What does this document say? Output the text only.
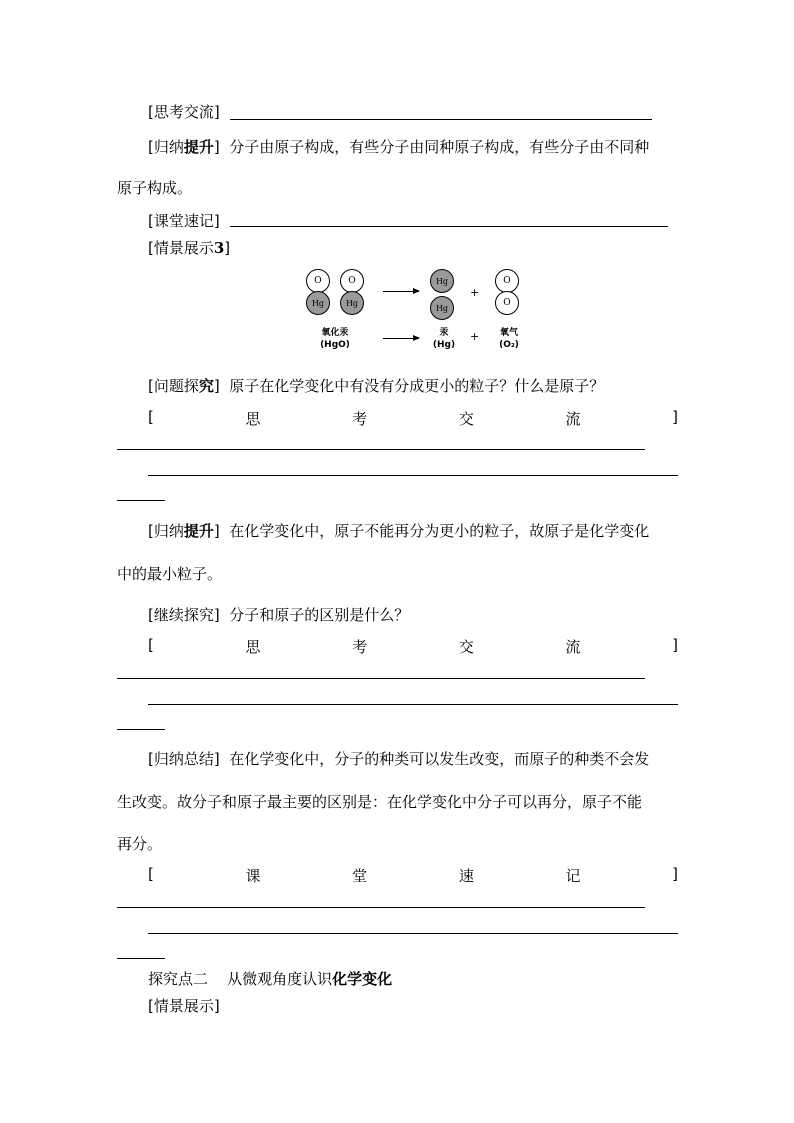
[思考交流]
[归纳提升] 分子由原子构成，有些分子由同种原子构成，有些分子由不同种
原子构成。
[课堂速记]
[情景展示3]
O
Hg
O
Hg
Hg
Hg
+
O
O
氧化汞
(HgO)
汞
(Hg)
+	氧气
(O₂)
[问题探究] 原子在化学变化中有没有分成更小的粒子？什么是原子？
[	思	考	交	流	]
[归纳提升] 在化学变化中，原子不能再分为更小的粒子，故原子是化学变化
中的最小粒子。
[继续探究] 分子和原子的区别是什么？
[	思	考	交	流	]
[归纳总结] 在化学变化中，分子的种类可以发生改变，而原子的种类不会发
生改变。故分子和原子最主要的区别是：在化学变化中分子可以再分，原子不能
再分。
[	课	堂	速	记	]
探究点二 从微观角度认识化学变化
[情景展示]
